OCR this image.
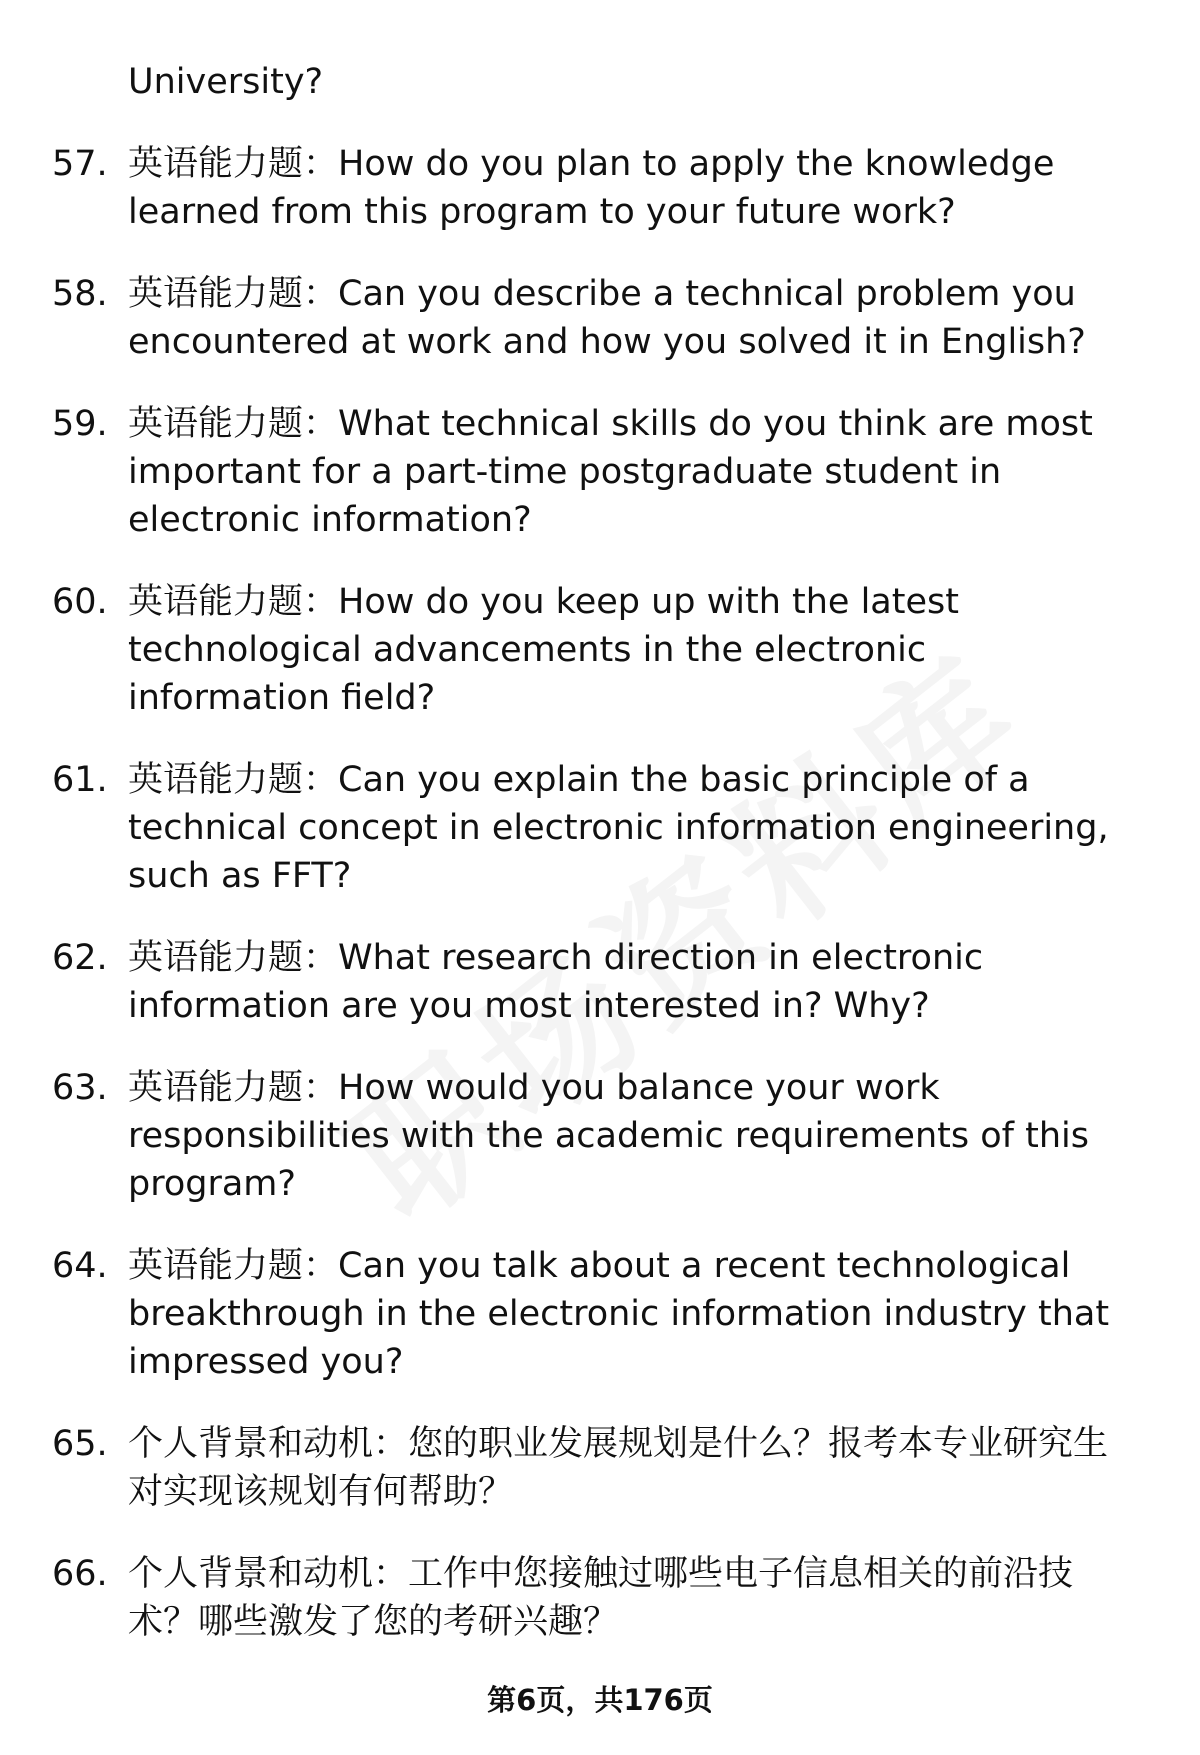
University?
57. 英语能力题：How do you plan to apply the knowledge learned from this program to your future work?
58. 英语能力题：Can you describe a technical problem you encountered at work and how you solved it in English?
59. 英语能力题：What technical skills do you think are most important for a part-time postgraduate student in electronic information?
60. 英语能力题：How do you keep up with the latest technological advancements in the electronic information field?
61. 英语能力题：Can you explain the basic principle of a technical concept in electronic information engineering, such as FFT?
62. 英语能力题：What research direction in electronic information are you most interested in? Why?
63. 英语能力题：How would you balance your work responsibilities with the academic requirements of this program?
64. 英语能力题：Can you talk about a recent technological breakthrough in the electronic information industry that impressed you?
65. 个人背景和动机：您的职业发展规划是什么？报考本专业研究生对实现该规划有何帮助？
66. 个人背景和动机：工作中您接触过哪些电子信息相关的前沿技术？哪些激发了您的考研兴趣？
第6页，共176页
